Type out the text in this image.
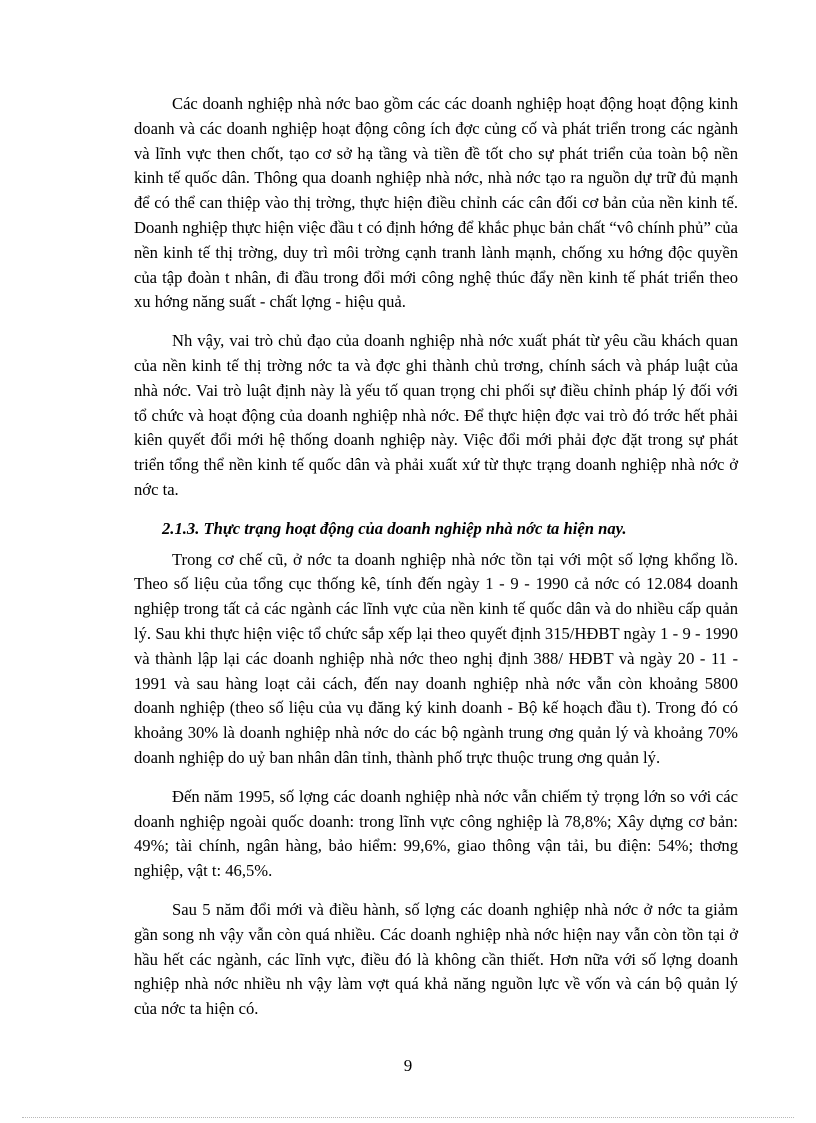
Các doanh nghiệp nhà nớc bao gồm các các doanh nghiệp hoạt động hoạt động kinh doanh và các doanh nghiệp hoạt động công ích đợc củng cố và phát triển trong các ngành và lĩnh vực then chốt, tạo cơ sở hạ tầng và tiền đề tốt cho sự phát triển của toàn bộ nền kinh tế quốc dân. Thông qua doanh nghiệp nhà nớc, nhà nớc tạo ra nguồn dự trữ đủ mạnh để có thể can thiệp vào thị trờng, thực hiện điều chỉnh các cân đối cơ bản của nền kinh tế. Doanh nghiệp thực hiện việc đầu t có định hớng để khắc phục bản chất “vô chính phủ” của nền kinh tế thị trờng, duy trì môi trờng cạnh tranh lành mạnh, chống xu hớng độc quyền của tập đoàn t nhân, đi đầu trong đổi mới công nghệ thúc đẩy nền kinh tế phát triển theo xu hớng năng suất - chất lợng - hiệu quả.

Nh vậy, vai trò chủ đạo của doanh nghiệp nhà nớc xuất phát từ yêu cầu khách quan của nền kinh tế thị trờng nớc ta và đợc ghi thành chủ trơng, chính sách và pháp luật của nhà nớc. Vai trò luật định này là yếu tố quan trọng chi phối sự điều chỉnh pháp lý đối với tổ chức và hoạt động của doanh nghiệp nhà nớc. Để thực hiện đợc vai trò đó trớc hết phải kiên quyết đổi mới hệ thống doanh nghiệp này. Việc đổi mới phải đợc đặt trong sự phát triển tổng thể nền kinh tế quốc dân và phải xuất xứ từ thực trạng doanh nghiệp nhà nớc ở nớc ta.

2.1.3. Thực trạng hoạt động của doanh nghiệp nhà nớc ta hiện nay.

Trong cơ chế cũ, ở nớc ta doanh nghiệp nhà nớc tồn tại với một số lợng khổng lồ. Theo số liệu của tổng cục thống kê, tính đến ngày 1 - 9 - 1990 cả nớc có 12.084 doanh nghiệp trong tất cả các ngành các lĩnh vực của nền kinh tế quốc dân và do nhiều cấp quản lý. Sau khi thực hiện việc tổ chức sắp xếp lại theo quyết định 315/HĐBT ngày 1 - 9 - 1990 và thành lập lại các doanh nghiệp nhà nớc theo nghị định 388/ HĐBT và ngày 20 - 11 - 1991 và sau hàng loạt cải cách, đến nay doanh nghiệp nhà nớc vẫn còn khoảng 5800 doanh nghiệp (theo số liệu của vụ đăng ký kinh doanh - Bộ kế hoạch đầu t). Trong đó có khoảng 30% là doanh nghiệp nhà nớc do các bộ ngành trung ơng quản lý và khoảng 70% doanh nghiệp do uỷ ban nhân dân tỉnh, thành phố trực thuộc trung ơng quản lý.

Đến năm 1995, số lợng các doanh nghiệp nhà nớc vẫn chiếm tỷ trọng lớn so với các doanh nghiệp ngoài quốc doanh: trong lĩnh vực công nghiệp là 78,8%; Xây dựng cơ bản: 49%; tài chính, ngân hàng, bảo hiểm: 99,6%, giao thông vận tải, bu điện: 54%; thơng nghiệp, vật t: 46,5%.

Sau 5 năm đổi mới và điều hành, số lợng các doanh nghiệp nhà nớc ở nớc ta giảm gần song nh vậy vẫn còn quá nhiều. Các doanh nghiệp nhà nớc hiện nay vẫn còn tồn tại ở hầu hết các ngành, các lĩnh vực, điều đó là không cần thiết. Hơn nữa với số lợng doanh nghiệp nhà nớc nhiều nh vậy làm vợt quá khả năng nguồn lực về vốn và cán bộ quản lý của nớc ta hiện có.

9
